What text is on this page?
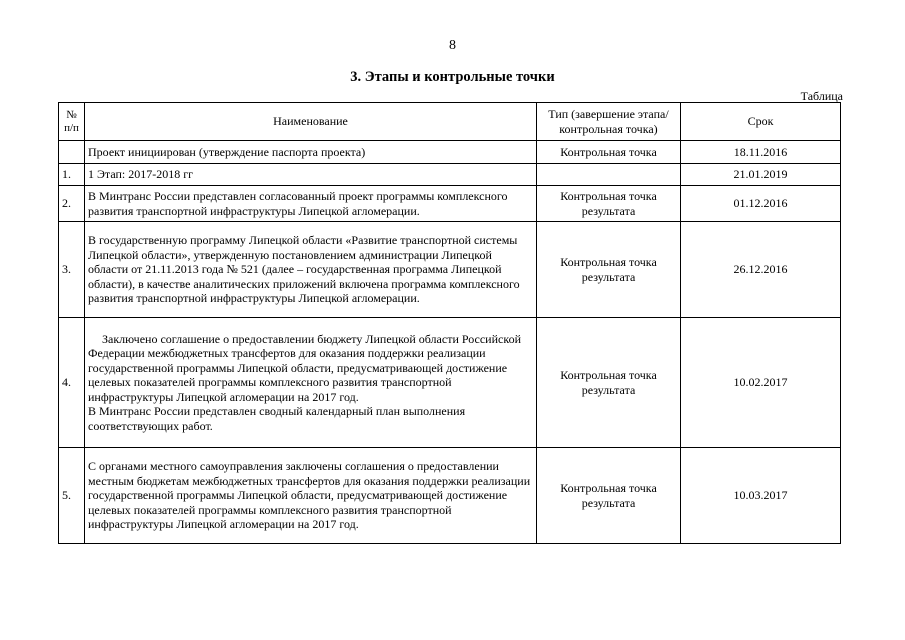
8
3. Этапы и контрольные точки
Таблица
№ п/п	Наименование	Тип (завершение этапа/контрольная точка)	Срок
	Проект инициирован (утверждение паспорта проекта)	Контрольная точка	18.11.2016
1.	1 Этап: 2017-2018 гг		21.01.2019
2.	В Минтранс России представлен согласованный проект программы комплексного развития транспортной инфраструктуры Липецкой агломерации.	Контрольная точка результата	01.12.2016
3.	В государственную программу Липецкой области «Развитие транспортной системы Липецкой области», утвержденную постановлением администрации Липецкой области от 21.11.2013 года № 521 (далее – государственная программа Липецкой области), в качестве аналитических приложений включена программа комплексного развития транспортной инфраструктуры Липецкой агломерации.	Контрольная точка результата	26.12.2016
4.	Заключено соглашение о предоставлении бюджету Липецкой области Российской Федерации межбюджетных трансфертов для оказания поддержки реализации государственной программы Липецкой области, предусматривающей достижение целевых показателей программы комплексного развития транспортной инфраструктуры Липецкой агломерации на 2017 год.
В Минтранс России представлен сводный календарный план выполнения соответствующих работ.	Контрольная точка результата	10.02.2017
5.	С органами местного самоуправления заключены соглашения о предоставлении местным бюджетам межбюджетных трансфертов для оказания поддержки реализации государственной программы Липецкой области, предусматривающей достижение целевых показателей программы комплексного развития транспортной инфраструктуры Липецкой агломерации на 2017 год.	Контрольная точка результата	10.03.2017
